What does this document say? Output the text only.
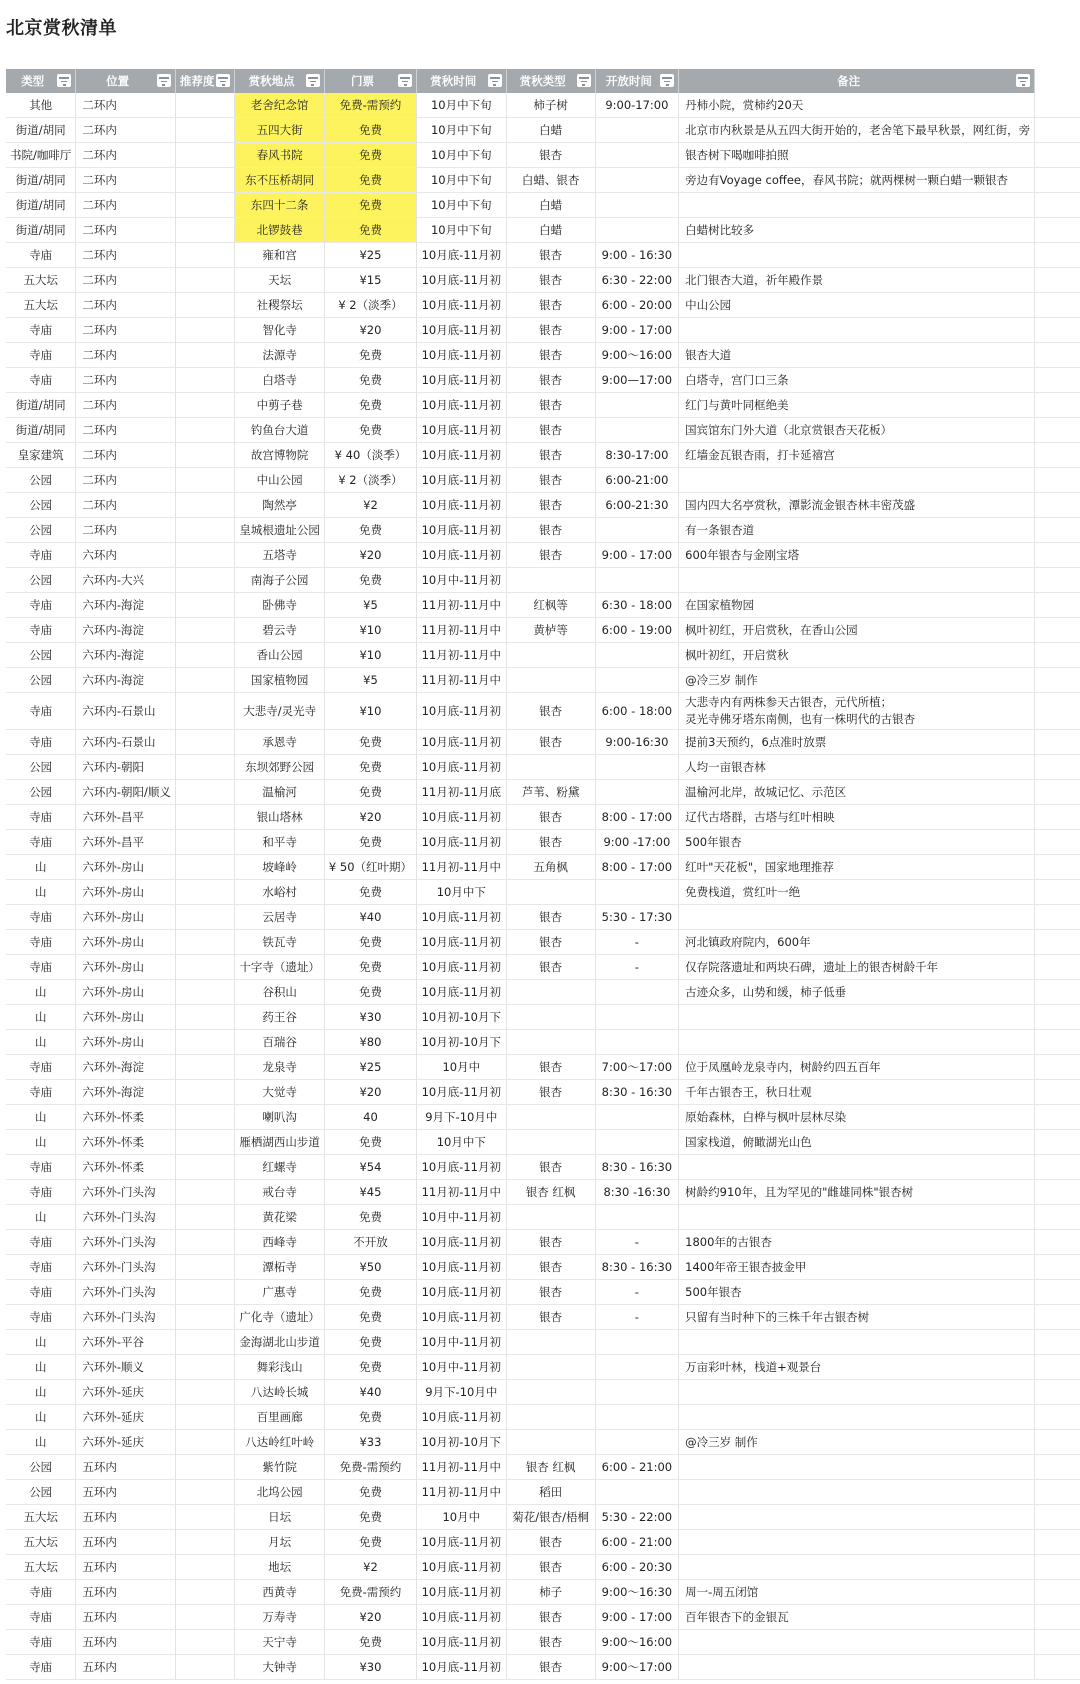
北京赏秋清单
类型	位置	推荐度	赏秋地点	门票	赏秋时间	赏秋类型	开放时间	备注

其他	二环内		老舍纪念馆	免费-需预约	10月中下旬	柿子树	9:00-17:00	丹柿小院，赏柿约20天	
街道/胡同	二环内		五四大街	免费	10月中下旬	白蜡		北京市内秋景是从五四大街开始的，老舍笔下最早秋景，网红街，旁	
书院/咖啡厅	二环内		春风书院	免费	10月中下旬	银杏		银杏树下喝咖啡拍照	
街道/胡同	二环内		东不压桥胡同	免费	10月中下旬	白蜡、银杏		旁边有Voyage coffee，春风书院；就两棵树一颗白蜡一颗银杏	
街道/胡同	二环内		东四十二条	免费	10月中下旬	白蜡			
街道/胡同	二环内		北锣鼓巷	免费	10月中下旬	白蜡		白蜡树比较多	
寺庙	二环内		雍和宫	¥25	10月底-11月初	银杏	9:00 - 16:30		
五大坛	二环内		天坛	¥15	10月底-11月初	银杏	6:30 - 22:00	北门银杏大道，祈年殿作景	
五大坛	二环内		社稷祭坛	¥ 2（淡季）	10月底-11月初	银杏	6:00 - 20:00	中山公园	
寺庙	二环内		智化寺	¥20	10月底-11月初	银杏	9:00 - 17:00		
寺庙	二环内		法源寺	免费	10月底-11月初	银杏	9:00～16:00	银杏大道	
寺庙	二环内		白塔寺	免费	10月底-11月初	银杏	9:00—17:00	白塔寺，宫门口三条	
街道/胡同	二环内		中剪子巷	免费	10月底-11月初	银杏		红门与黄叶同框绝美	
街道/胡同	二环内		钓鱼台大道	免费	10月底-11月初	银杏		国宾馆东门外大道（北京赏银杏天花板）	
皇家建筑	二环内		故宫博物院	¥ 40（淡季）	10月底-11月初	银杏	8:30-17:00	红墙金瓦银杏雨，打卡延禧宫	
公园	二环内		中山公园	¥ 2（淡季）	10月底-11月初	银杏	6:00-21:00		
公园	二环内		陶然亭	¥2	10月底-11月初	银杏	6:00-21:30	国内四大名亭赏秋，潭影流金银杏林丰密茂盛	
公园	二环内		皇城根遗址公园	免费	10月底-11月初	银杏		有一条银杏道	
寺庙	六环内		五塔寺	¥20	10月底-11月初	银杏	9:00 - 17:00	600年银杏与金刚宝塔	
公园	六环内-大兴		南海子公园	免费	10月中-11月初				
寺庙	六环内-海淀		卧佛寺	¥5	11月初-11月中	红枫等	6:30 - 18:00	在国家植物园	
寺庙	六环内-海淀		碧云寺	¥10	11月初-11月中	黄栌等	6:00 - 19:00	枫叶初红，开启赏秋，在香山公园	
公园	六环内-海淀		香山公园	¥10	11月初-11月中			枫叶初红，开启赏秋	
公园	六环内-海淀		国家植物园	¥5	11月初-11月中			@冷三岁 制作	
寺庙	六环内-石景山		大悲寺/灵光寺	¥10	10月底-11月初	银杏	6:00 - 18:00	大悲寺内有两株参天古银杏，元代所植；
灵光寺佛牙塔东南侧，也有一株明代的古银杏	
寺庙	六环内-石景山		承恩寺	免费	10月底-11月初	银杏	9:00-16:30	提前3天预约，6点准时放票	
公园	六环内-朝阳		东坝郊野公园	免费	10月底-11月初			人均一亩银杏林	
公园	六环内-朝阳/顺义		温榆河	免费	11月初-11月底	芦苇、粉黛		温榆河北岸，故城记忆、示范区	
寺庙	六环外-昌平		银山塔林	¥20	10月底-11月初	银杏	8:00 - 17:00	辽代古塔群，古塔与红叶相映	
寺庙	六环外-昌平		和平寺	免费	10月底-11月初	银杏	9:00 -17:00	500年银杏	
山	六环外-房山		坡峰岭	¥ 50（红叶期）	11月初-11月中	五角枫	8:00 - 17:00	红叶"天花板"，国家地理推荐	
山	六环外-房山		水峪村	免费	10月中下			免费栈道，赏红叶一绝	
寺庙	六环外-房山		云居寺	¥40	10月底-11月初	银杏	5:30 - 17:30		
寺庙	六环外-房山		铁瓦寺	免费	10月底-11月初	银杏	-	河北镇政府院内，600年	
寺庙	六环外-房山		十字寺（遗址）	免费	10月底-11月初	银杏	-	仅存院落遗址和两块石碑，遗址上的银杏树龄千年	
山	六环外-房山		谷积山	免费	10月底-11月初			古迹众多，山势和缓，柿子低垂	
山	六环外-房山		药王谷	¥30	10月初-10月下				
山	六环外-房山		百瑞谷	¥80	10月初-10月下				
寺庙	六环外-海淀		龙泉寺	¥25	10月中	银杏	7:00～17:00	位于凤凰岭龙泉寺内，树龄约四五百年	
寺庙	六环外-海淀		大觉寺	¥20	10月底-11月初	银杏	8:30 - 16:30	千年古银杏王，秋日壮观	
山	六环外-怀柔		喇叭沟	40	9月下-10月中			原始森林，白桦与枫叶层林尽染	
山	六环外-怀柔		雁栖湖西山步道	免费	10月中下			国家栈道，俯瞰湖光山色	
寺庙	六环外-怀柔		红螺寺	¥54	10月底-11月初	银杏	8:30 - 16:30		
寺庙	六环外-门头沟		戒台寺	¥45	11月初-11月中	银杏 红枫	8:30 -16:30	树龄约910年，且为罕见的"雌雄同株"银杏树	
山	六环外-门头沟		黄花梁	免费	10月中-11月初				
寺庙	六环外-门头沟		西峰寺	不开放	10月底-11月初	银杏	-	1800年的古银杏	
寺庙	六环外-门头沟		潭柘寺	¥50	10月底-11月初	银杏	8:30 - 16:30	1400年帝王银杏披金甲	
寺庙	六环外-门头沟		广惠寺	免费	10月底-11月初	银杏	-	500年银杏	
寺庙	六环外-门头沟		广化寺（遗址）	免费	10月底-11月初	银杏	-	只留有当时种下的三株千年古银杏树	
山	六环外-平谷		金海湖北山步道	免费	10月中-11月初				
山	六环外-顺义		舞彩浅山	免费	10月中-11月初			万亩彩叶林，栈道+观景台	
山	六环外-延庆		八达岭长城	¥40	9月下-10月中				
山	六环外-延庆		百里画廊	免费	10月底-11月初				
山	六环外-延庆		八达岭红叶岭	¥33	10月初-10月下			@冷三岁 制作	
公园	五环内		紫竹院	免费-需预约	11月初-11月中	银杏 红枫	6:00 - 21:00		
公园	五环内		北坞公园	免费	11月初-11月中	稻田			
五大坛	五环内		日坛	免费	10月中	菊花/银杏/梧桐	5:30 - 22:00		
五大坛	五环内		月坛	免费	10月底-11月初	银杏	6:00 - 21:00		
五大坛	五环内		地坛	¥2	10月底-11月初	银杏	6:00 - 20:30		
寺庙	五环内		西黄寺	免费-需预约	10月底-11月初	柿子	9:00～16:30	周一-周五闭馆	
寺庙	五环内		万寿寺	¥20	10月底-11月初	银杏	9:00 - 17:00	百年银杏下的金银瓦	
寺庙	五环内		天宁寺	免费	10月底-11月初	银杏	9:00～16:00		
寺庙	五环内		大钟寺	¥30	10月底-11月初	银杏	9:00～17:00		
